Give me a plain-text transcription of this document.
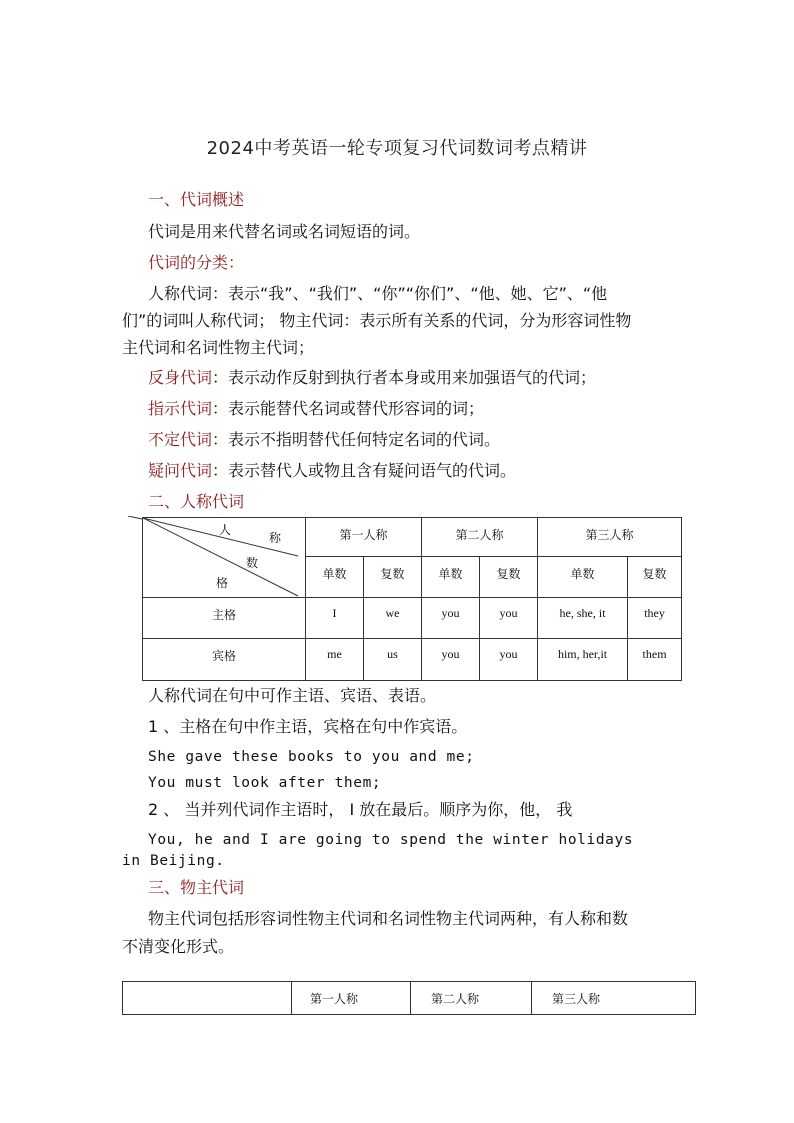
2024中考英语一轮专项复习代词数词考点精讲
一、代词概述
代词是用来代替名词或名词短语的词。
代词的分类：
人称代词：表示“我”、“我们”、“你”“你们”、“他、她、它”、“他
们”的词叫人称代词； 物主代词：表示所有关系的代词，分为形容词性物
主代词和名词性物主代词；
反身代词：表示动作反射到执行者本身或用来加强语气的代词；
指示代词：表示能替代名词或替代形容词的词；
不定代词：表示不指明替代任何特定名词的代词。
疑问代词：表示替代人或物且含有疑问语气的代词。
二、人称代词
人
称
数
格	第一人称		第二人称		第三人称	
	单数	复数	单数	复数	单数	复数
主格	I	we	you	you	he, she, it	they
宾格	me	us	you	you	him, her,it	them
人称代词在句中可作主语、宾语、表语。
1 、主格在句中作主语，宾格在句中作宾语。
She gave these books to you and me;
You must look after them;
2 、 当并列代词作主语时， I 放在最后。顺序为你，他， 我
You, he and I are going to spend the winter holidays
in Beijing.
三、物主代词
物主代词包括形容词性物主代词和名词性物主代词两种，有人称和数
不清变化形式。
	第一人称	第二人称	第三人称
